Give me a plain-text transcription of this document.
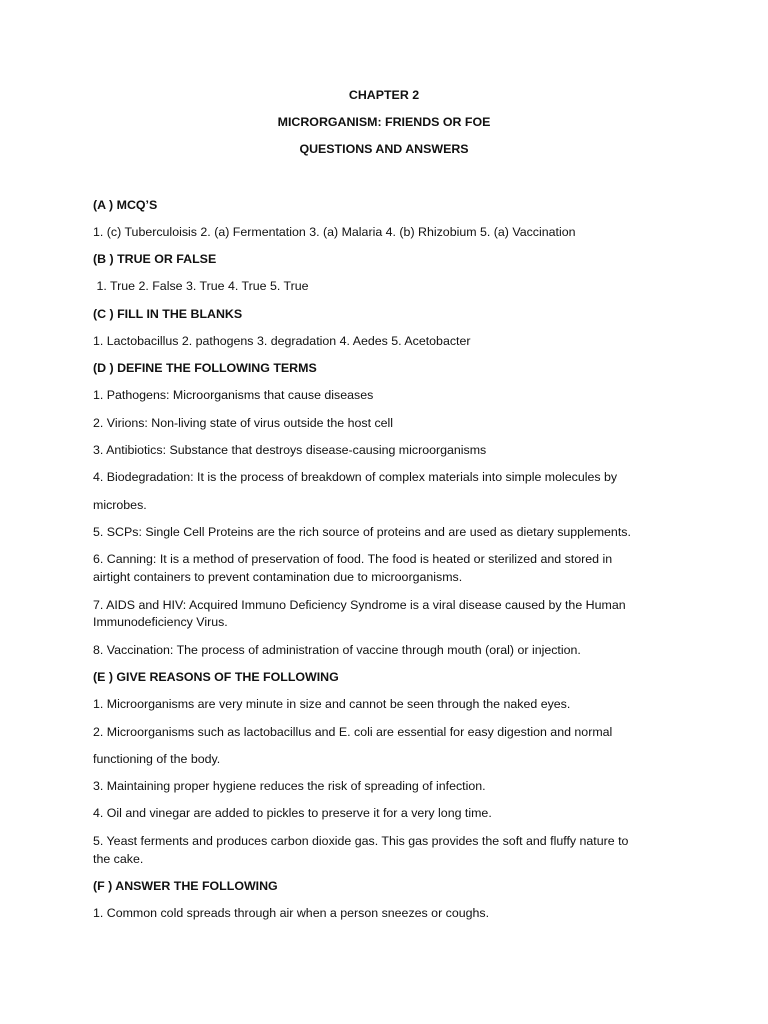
CHAPTER 2
MICRORGANISM: FRIENDS OR FOE
QUESTIONS AND ANSWERS
(A ) MCQ’S
1. (c) Tuberculoisis 2. (a) Fermentation 3. (a) Malaria 4. (b) Rhizobium 5. (a) Vaccination
(B ) TRUE OR FALSE
1. True 2. False 3. True 4. True 5. True
(C ) FILL IN THE BLANKS
1. Lactobacillus 2. pathogens 3. degradation 4. Aedes 5. Acetobacter
(D ) DEFINE THE FOLLOWING TERMS
1. Pathogens: Microorganisms that cause diseases
2. Virions: Non-living state of virus outside the host cell
3. Antibiotics: Substance that destroys disease-causing microorganisms
4. Biodegradation: It is the process of breakdown of complex materials into simple molecules by
microbes.
5. SCPs: Single Cell Proteins are the rich source of proteins and are used as dietary supplements.
6. Canning: It is a method of preservation of food. The food is heated or sterilized and stored in
airtight containers to prevent contamination due to microorganisms.
7. AIDS and HIV: Acquired Immuno Deficiency Syndrome is a viral disease caused by the Human
Immunodeficiency Virus.
8. Vaccination: The process of administration of vaccine through mouth (oral) or injection.
(E ) GIVE REASONS OF THE FOLLOWING
1. Microorganisms are very minute in size and cannot be seen through the naked eyes.
2. Microorganisms such as lactobacillus and E. coli are essential for easy digestion and normal
functioning of the body.
3. Maintaining proper hygiene reduces the risk of spreading of infection.
4. Oil and vinegar are added to pickles to preserve it for a very long time.
5. Yeast ferments and produces carbon dioxide gas. This gas provides the soft and fluffy nature to
the cake.
(F ) ANSWER THE FOLLOWING
1. Common cold spreads through air when a person sneezes or coughs.
